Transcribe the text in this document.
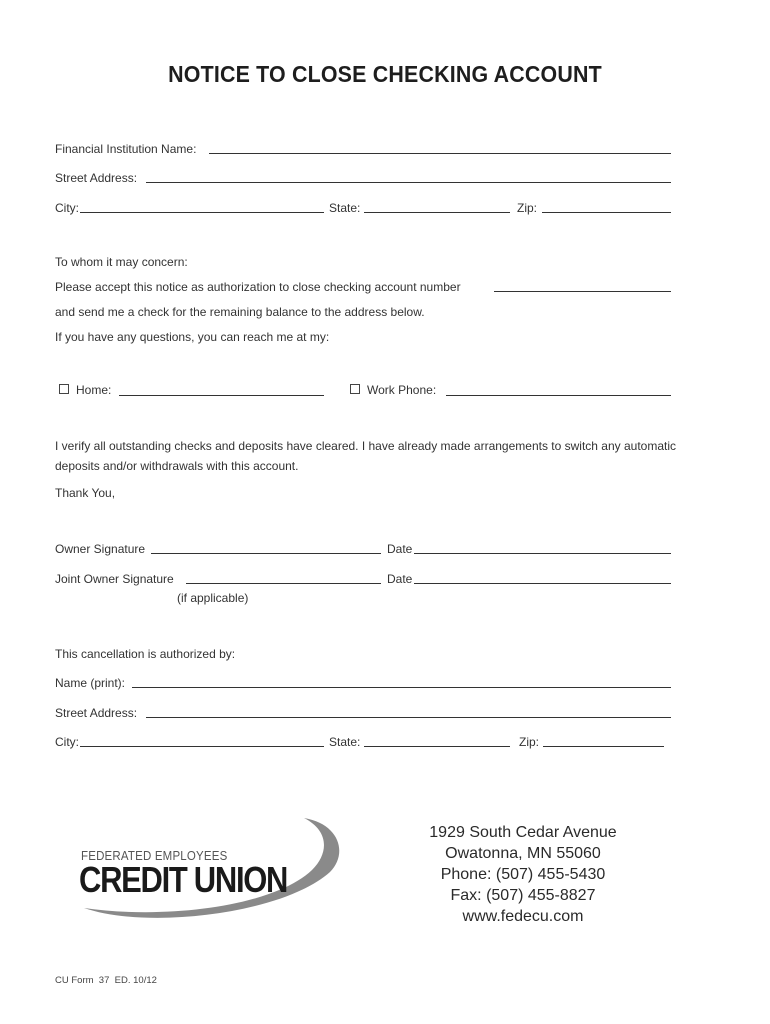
NOTICE TO CLOSE CHECKING ACCOUNT
Financial Institution Name:
Street Address:
City:	State:	Zip:
To whom it may concern:
Please accept this notice as authorization to close checking account number
and send me a check for the remaining balance to the address below.
If you have any questions, you can reach me at my:
Home:	Work Phone:
I verify all outstanding checks and deposits have cleared. I have already made arrangements to switch any automatic
deposits and/or withdrawals with this account.
Thank You,
Owner Signature	Date
Joint Owner Signature	Date
(if applicable)
This cancellation is authorized by:
Name (print):
Street Address:
City:	State:	Zip:
FEDERATED EMPLOYEES
CREDIT UNION
1929 South Cedar Avenue
Owatonna, MN 55060
Phone: (507) 455-5430
Fax: (507) 455-8827
www.fedecu.com
CU Form  37  ED. 10/12
